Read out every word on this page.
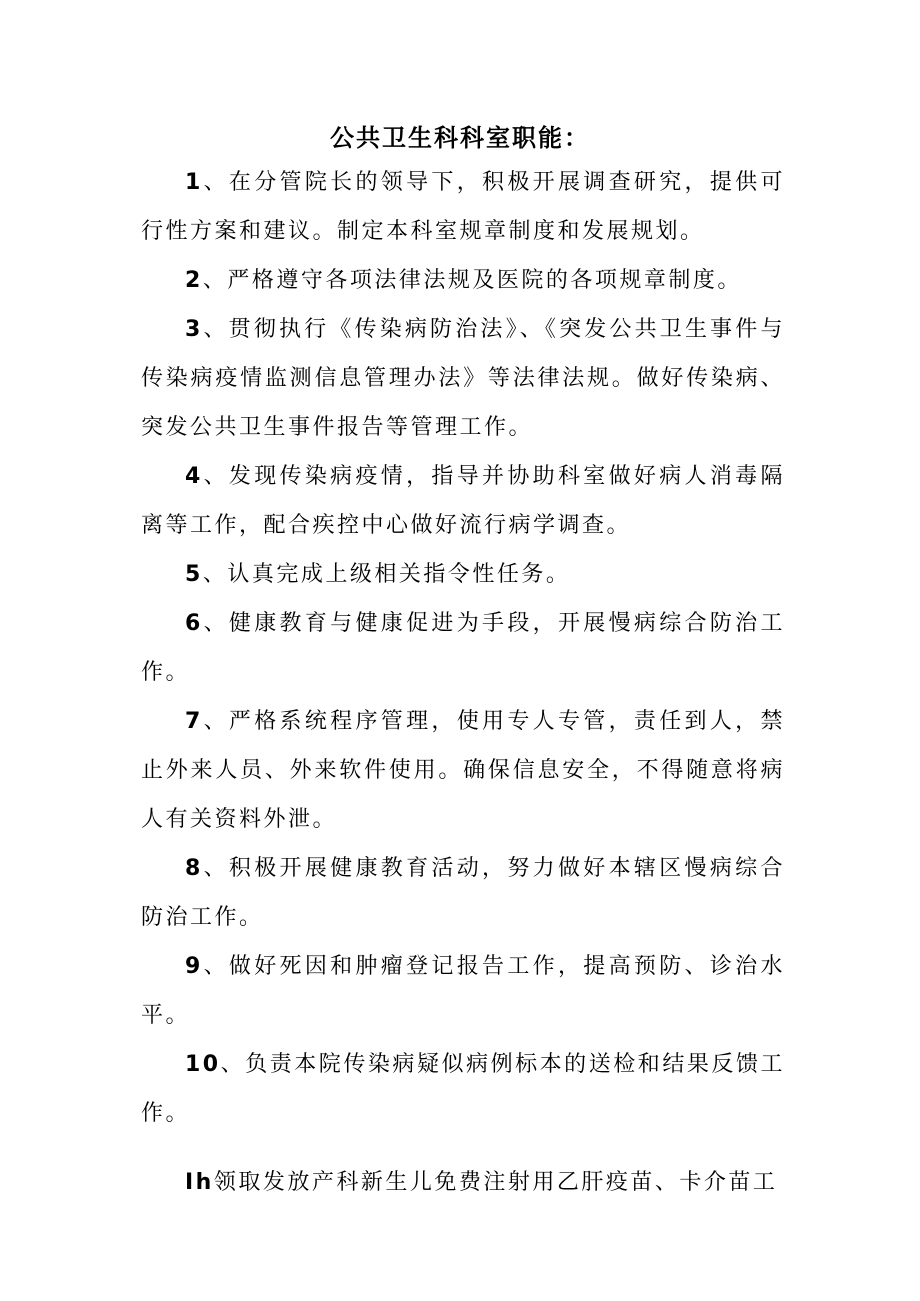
公共卫生科科室职能：

1、在分管院长的领导下，积极开展调查研究，提供可行性方案和建议。制定本科室规章制度和发展规划。

2、严格遵守各项法律法规及医院的各项规章制度。

3、贯彻执行《传染病防治法》、《突发公共卫生事件与传染病疫情监测信息管理办法》等法律法规。做好传染病、突发公共卫生事件报告等管理工作。

4、发现传染病疫情，指导并协助科室做好病人消毒隔离等工作，配合疾控中心做好流行病学调查。

5、认真完成上级相关指令性任务。

6、健康教育与健康促进为手段，开展慢病综合防治工作。

7、严格系统程序管理，使用专人专管，责任到人，禁止外来人员、外来软件使用。确保信息安全，不得随意将病人有关资料外泄。

8、积极开展健康教育活动，努力做好本辖区慢病综合防治工作。

9、做好死因和肿瘤登记报告工作，提高预防、诊治水平。

10、负责本院传染病疑似病例标本的送检和结果反馈工作。

Ih领取发放产科新生儿免费注射用乙肝疫苗、卡介苗工
